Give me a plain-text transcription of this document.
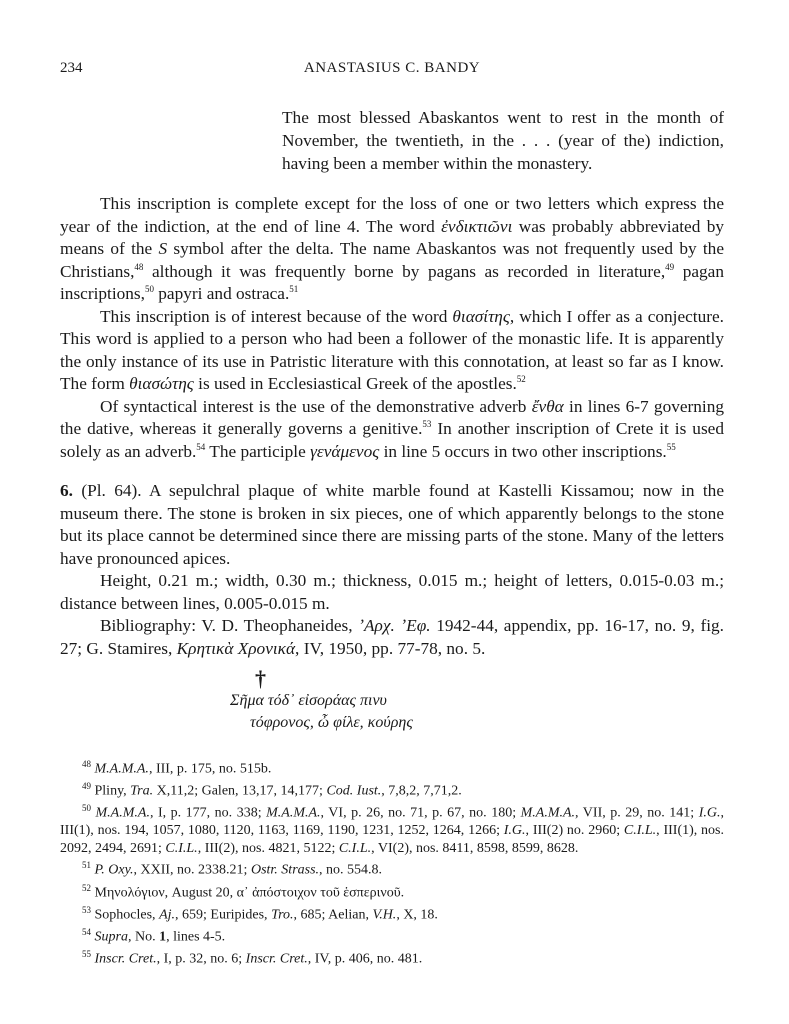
234	ANASTASIUS C. BANDY
The most blessed Abaskantos went to rest in the month of November, the twentieth, in the . . . (year of the) indiction, having been a member within the monastery.

This inscription is complete except for the loss of one or two letters which express the year of the indiction, at the end of line 4. The word ἐνδικτιῶνι was probably abbreviated by means of the S symbol after the delta. The name Abaskantos was not frequently used by the Christians,$^{48}$ although it was frequently borne by pagans as recorded in literature,$^{49}$ pagan inscriptions,$^{50}$ papyri and ostraca.$^{51}$

This inscription is of interest because of the word θιασίτης, which I offer as a conjecture. This word is applied to a person who had been a follower of the monastic life. It is apparently the only instance of its use in Patristic literature with this connotation, at least so far as I know. The form θιασώτης is used in Ecclesiastical Greek of the apostles.$^{52}$

Of syntactical interest is the use of the demonstrative adverb ἔνθα in lines 6-7 governing the dative, whereas it generally governs a genitive.$^{53}$ In another inscription of Crete it is used solely as an adverb.$^{54}$ The participle γενάμενος in line 5 occurs in two other inscriptions.$^{55}$

6. (Pl. 64). A sepulchral plaque of white marble found at Kastelli Kissamou; now in the museum there. The stone is broken in six pieces, one of which apparently belongs to the stone but its place cannot be determined since there are missing parts of the stone. Many of the letters have pronounced apices.

Height, 0.21 m.; width, 0.30 m.; thickness, 0.015 m.; height of letters, 0.015-0.03 m.; distance between lines, 0.005-0.015 m.

Bibliography: V. D. Theophaneides, ʼΑρχ. ʼΕφ. 1942-44, appendix, pp. 16-17, no. 9, fig. 27; G. Stamires, Κρητικὰ Χρονικά, IV, 1950, pp. 77-78, no. 5.

†
Σῆμα τόδ᾽ εἰσοράας πινυ
τόφρονος, ὦ φίλε, κούρης

$^{48}$ M.A.M.A., III, p. 175, no. 515b.

$^{49}$ Pliny, Tra. X,11,2; Galen, 13,17, 14,177; Cod. Iust., 7,8,2, 7,71,2.

$^{50}$ M.A.M.A., I, p. 177, no. 338; M.A.M.A., VI, p. 26, no. 71, p. 67, no. 180; M.A.M.A., VII, p. 29, no. 141; I.G., III(1), nos. 194, 1057, 1080, 1120, 1163, 1169, 1190, 1231, 1252, 1264, 1266; I.G., III(2) no. 2960; C.I.L., III(1), nos. 2092, 2494, 2691; C.I.L., III(2), nos. 4821, 5122; C.I.L., VI(2), nos. 8411, 8598, 8599, 8628.

$^{51}$ P. Oxy., XXII, no. 2338.21; Ostr. Strass., no. 554.8.

$^{52}$ Μηνολόγιον, August 20, α᾽ ἀπόστοιχον τοῦ ἑσπερινοῦ.

$^{53}$ Sophocles, Aj., 659; Euripides, Tro., 685; Aelian, V.H., X, 18.

$^{54}$ Supra, No. 1, lines 4-5.

$^{55}$ Inscr. Cret., I, p. 32, no. 6; Inscr. Cret., IV, p. 406, no. 481.
